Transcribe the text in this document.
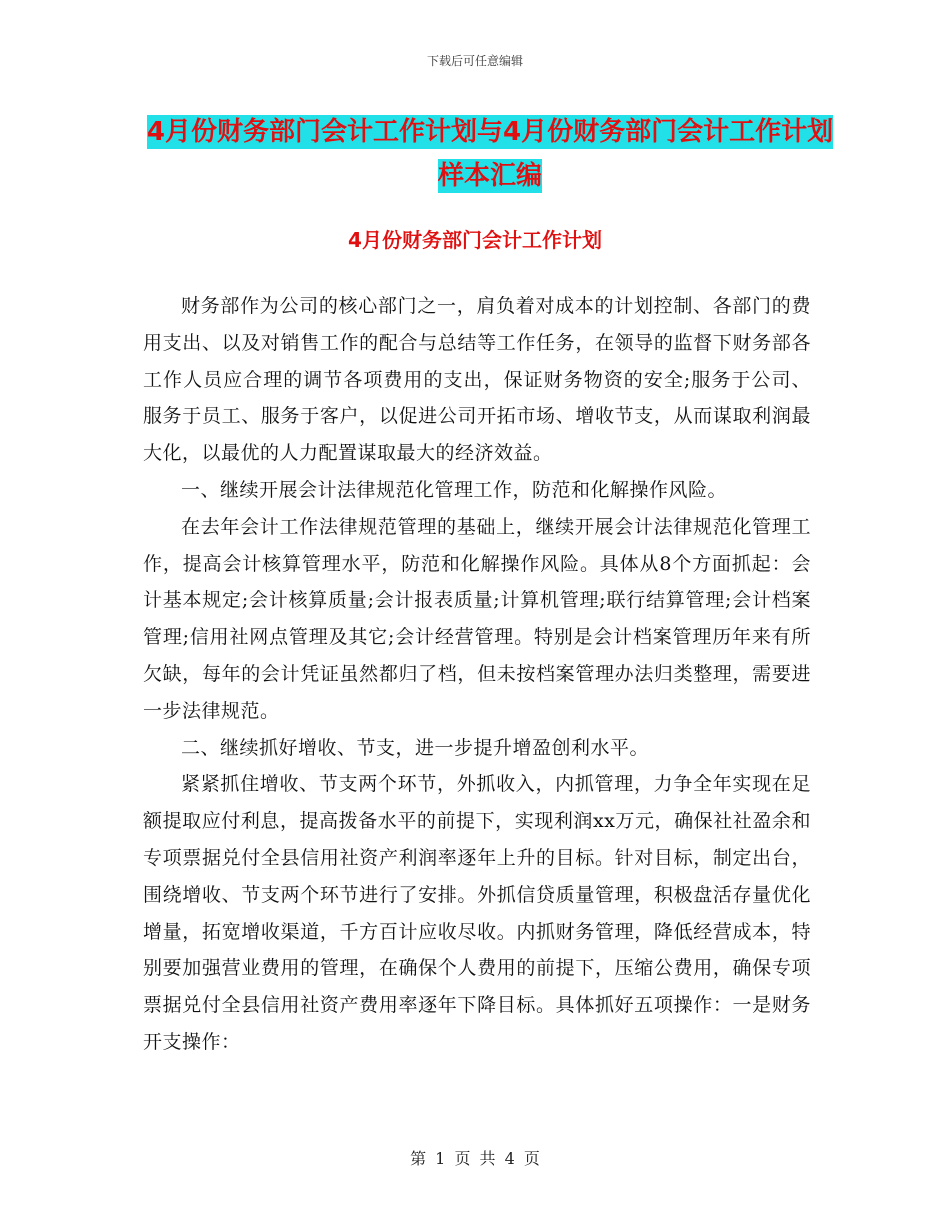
下载后可任意编辑
4月份财务部门会计工作计划与4月份财务部门会计工作计划样本汇编
4月份财务部门会计工作计划

财务部作为公司的核心部门之一，肩负着对成本的计划控制、各部门的费用支出、以及对销售工作的配合与总结等工作任务，在领导的监督下财务部各工作人员应合理的调节各项费用的支出，保证财务物资的安全;服务于公司、服务于员工、服务于客户，以促进公司开拓市场、增收节支，从而谋取利润最大化，以最优的人力配置谋取最大的经济效益。

一、继续开展会计法律规范化管理工作，防范和化解操作风险。

在去年会计工作法律规范管理的基础上，继续开展会计法律规范化管理工作，提高会计核算管理水平，防范和化解操作风险。具体从8个方面抓起：会计基本规定;会计核算质量;会计报表质量;计算机管理;联行结算管理;会计档案管理;信用社网点管理及其它;会计经营管理。特别是会计档案管理历年来有所欠缺，每年的会计凭证虽然都归了档，但未按档案管理办法归类整理，需要进一步法律规范。

二、继续抓好增收、节支，进一步提升增盈创利水平。

紧紧抓住增收、节支两个环节，外抓收入，内抓管理，力争全年实现在足额提取应付利息，提高拨备水平的前提下，实现利润xx万元，确保社社盈余和专项票据兑付全县信用社资产利润率逐年上升的目标。针对目标，制定出台，围绕增收、节支两个环节进行了安排。外抓信贷质量管理，积极盘活存量优化增量，拓宽增收渠道，千方百计应收尽收。内抓财务管理，降低经营成本，特别要加强营业费用的管理，在确保个人费用的前提下，压缩公费用，确保专项票据兑付全县信用社资产费用率逐年下降目标。具体抓好五项操作：一是财务开支操作：

第 1 页 共 4 页
